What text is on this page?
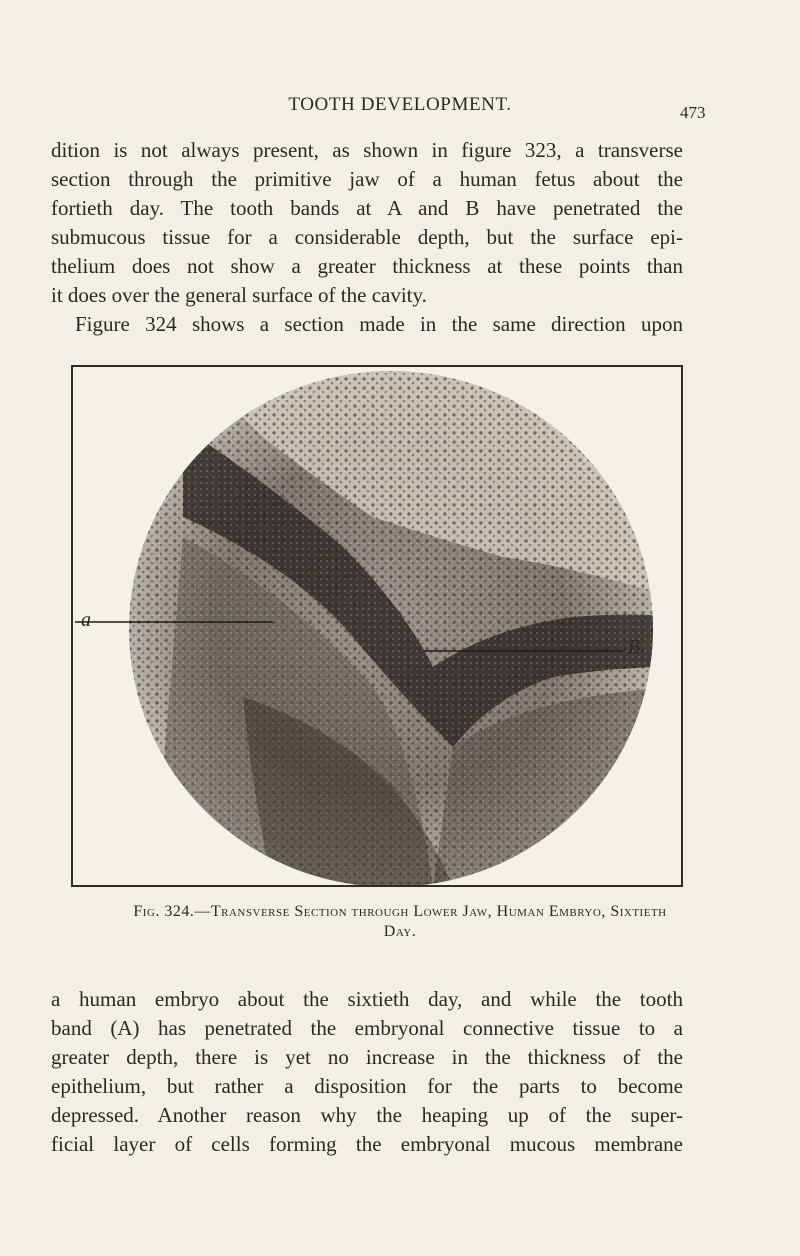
TOOTH DEVELOPMENT.	473
dition is not always present, as shown in figure 323, a transverse
section through the primitive jaw of a human fetus about the
fortieth day. The tooth bands at A and B have penetrated the
submucous tissue for a considerable depth, but the surface epi-
thelium does not show a greater thickness at these points than
it does over the general surface of the cavity.
Figure 324 shows a section made in the same direction upon
a
B.
Fig. 324.—Transverse Section through Lower Jaw, Human Embryo, Sixtieth
Day.
a human embryo about the sixtieth day, and while the tooth
band (A) has penetrated the embryonal connective tissue to a
greater depth, there is yet no increase in the thickness of the
epithelium, but rather a disposition for the parts to become
depressed. Another reason why the heaping up of the super-
ficial layer of cells forming the embryonal mucous membrane
